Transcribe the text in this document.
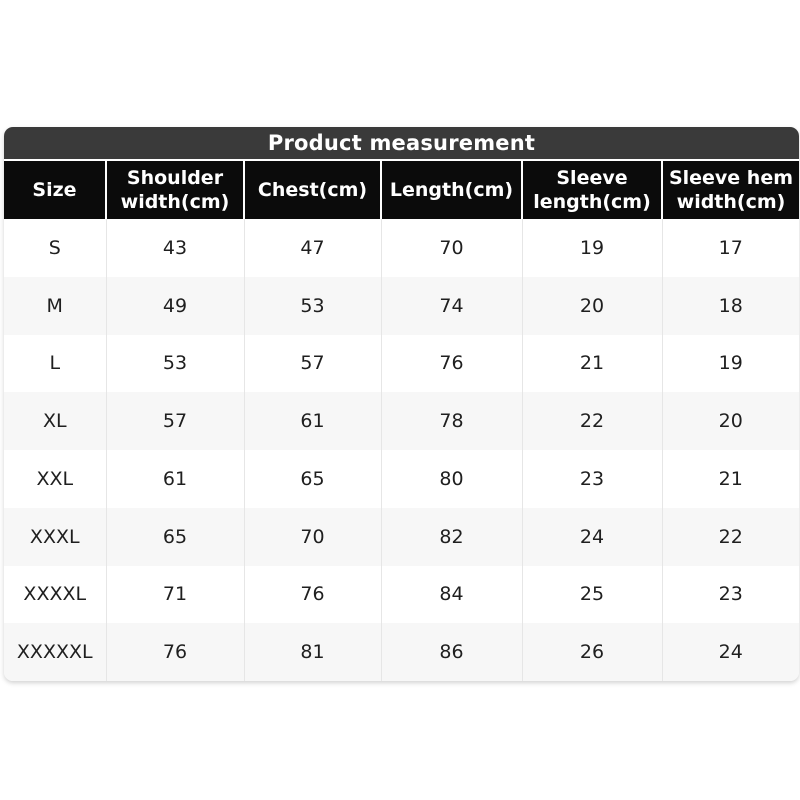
Product measurement
Size	Shoulder width(cm)	Chest(cm)	Length(cm)	Sleeve length(cm)	Sleeve hem width(cm)
S	43	47	70	19	17
M	49	53	74	20	18
L	53	57	76	21	19
XL	57	61	78	22	20
XXL	61	65	80	23	21
XXXL	65	70	82	24	22
XXXXL	71	76	84	25	23
XXXXXL	76	81	86	26	24
